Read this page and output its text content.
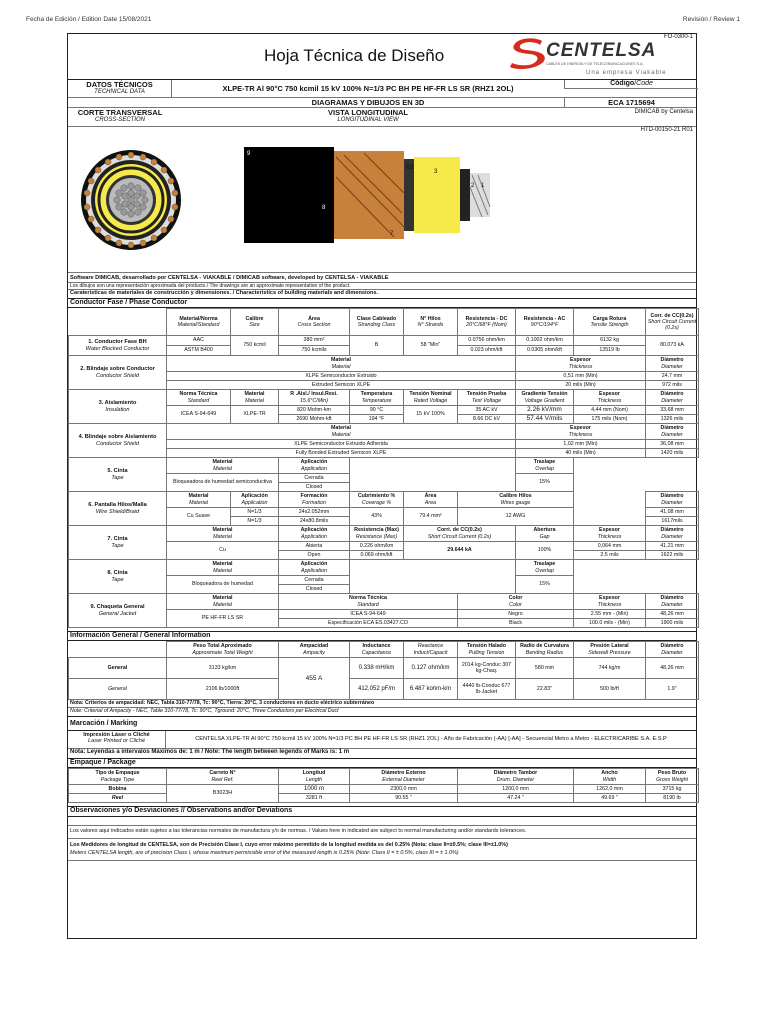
Fecha de Edición / Edition Date 15/08/2021	Revisión / Review 1
Hoja Técnica de Diseño
FO-0300-1
CENTELSA
CABLES DE ENERGÍA Y DE TELECOMUNICACIONES S.A.
Una empresa Viakable
DATOS TÉCNICOS
TECHNICAL DATA	XLPE-TR Al 90°C 750 kcmil 15 kV 100% N=1/3 PC BH PE HF-FR LS SR (RHZ1 2OL)
Código/Code
DIAGRAMAS Y DIBUJOS EN 3D	ECA 1715694
CORTE TRANSVERSAL
CROSS-SECTION
VISTA LONGITUDINAL
LONGITUDINAL VIEW
DIMICAB by Centelsa
HTD-00150-21 R01
9
8
7
6 5
3
2 1
Software DIMICAB, desarrollado por CENTELSA - VIAKABLE / DIMICAB software, developed by CENTELSA - VIAKABLE
Los dibujos son una representación aproximada del producto./ The drawings are an approximate representation of the product.
Caraterísticas de materiales de construcción y dimensiones. / Characteristics of building materials and dimensions.
Conductor Fase / Phase Conductor
	Material/Norma
Material/Standard	Calibre
Size	Área
Cross Section	Clase Cableado
Stranding Class	N° Hilos
N° Strands	Resistencia - DC
20°C/68°F (Nom)	Resistencia - AC
90°C/194°F	Carga Rotura
Tensile Strength	Corr. de CC(0.2s)
Short Circuit Current (0.2s)
1. Conductor Fase BH
Water Blocked Conductor	AAC	750 kcmil	380 mm²	B	58 "Min"	0.0756 ohm/km	0.1002 ohm/km	6132 kg	80.073 kA
	ASTM B400		750 kcmils			0.023 ohm/kft	0.0305 ohm/kft	13519 lb	
2. Blindaje sobre Conductor
Conductor Shield	Material
Material						Espesor
Thickness		Diámetro
Diameter
	XLPE Semiconductor Extruido						0,51 mm (Min)		24,7 mm
	Extruded Semicon XLPE						20 mils (Min)		972 mils
3. Aislamiento
Insulation	Norma Técnica
Standard	Material
Material	R .Aisl./ Insul.Resi.
15.6°C/Min)	Temperatura
Temperature	Tensión Nominal
Rated Voltage	Tensión Prueba
Test Voltage	Gradiente Tensión
Voltage Gradient	Espesor
Thickness	Diámetro
Diameter
	ICEA S-94-649	XLPE-TR	820 Mohm-km	90 °C	15 kV 100%	35 AC kV	2.26 kV/mm	4,44 mm (Nom)	33,68 mm
			2690 Mohm-kft	194 °F		8.66 DC kV	57.44 V/mils	175 mils (Nom)	1326 mils
4. Blindaje sobre Aislamiento
Conductor Shield	Material
Material						Espesor
Thickness		Diámetro
Diameter
	XLPE Semiconductor Extruido Adherida						1,02 mm (Min)		36,08 mm
	Fully Bonded Extruded Semicon XLPE						40 mils (Min)		1420 mils
5. Cinta
Tape	Material
Material		Aplicación
Application				Traslape
Overlap		
	Bloqueadora de humedad semiconductiva		Cerrada				15%		
			Closed						
6. Pantalla Hilos/Malla
Wire Shield/Braid	Material
Material	Aplicación
Application	Formación
Formation	Cubrimiento %
Coverage %	Área
Area	Calibre Hilos
Wires gauge			Diámetro
Diameter
	Cu Suave	N=1/3	24x2.052mm	43%	79.4 mm²	12 AWG			41,08 mm
		N=1/3	24x80.8mils						1617mils
7. Cinta
Tape	Material
Material		Aplicación
Application	Resistencia (Max)
Resistance (Max)	Corri. de CC(0.2s)
Short Circuit Current (0.2s)		Abertura
Gap	Espesor
Thickness	Diámetro
Diameter
	Cu		Abierta	0.226 ohm/km	29.644 kA		100%	0,064 mm	41,21 mm
			Open	0.069 ohm/kft				2.5 mils	1622 mils
8. Cinta
Tape	Material
Material		Aplicación
Application				Traslape
Overlap		
	Bloqueadora de humedad		Cerrada				15%		
			Closed						
9. Chaqueta General
General Jacket	Material
Material		Norma Técnica
Standard			Color
Color		Espesor
Thickness	Diámetro
Diameter
	PE HF-FR LS SR		ICEA S-94-649			Negro		2.55 mm - (Min)	48,26 mm
			Especificación ECA ES.03427.CO			Black		100.0 mils - (Min)	1900 mils
Información General / General Information
	Peso Total Aproximado
Approximate Total Weight	Ampacidad
Ampacity	Inductance
Capacitance	Reactance
Induct/Capacit	Tensión Halado
Pulling Tension	Radio de Curvatura
Bending Radius	Presión Lateral
Sidewall Pressure	Diámetro
Diameter
General	3133 kg/km	455 A	0.338 mH/km	0.127 ohm/km	2014 kg-Conduc 307 kg-Chaq.	580 mm	744 kg/m	48,26 mm
General	2106 lb/1000ft		412.052 pF/m	6.487 kohm-km	4440 lb-Conduc 677 lb-Jacket	22.83"	500 lb/ft	1.9"
Nota: Criterios de ampacidad: NEC, Tabla 310-77/78, Tc: 90°C, Tierra: 20°C, 3 conductores en ducto eléctrico subterráneo
Note: Criterial of Ampacity - NEC, Table 310-77/78, Tc: 90°C, Tground: 20°C, Three Conductors per Electrical Duct
Marcación / Marking
Impresión Láser o Cliché
Laser Printed or Cliché	CENTELSA XLPE-TR Al 90°C 750 kcmil 15 kV 100% N=1/3 PC BH PE HF-FR LS SR (RHZ1 2OL) - Año de Fabricación (-AA) [-AA] - Secuencial Metro a Metro - ELECTRICARIBE S.A. E.S.P
Nota: Leyendas a intervalos Máximos de: 1 m / Note: The length between legends of Marks is: 1 m
Empaque / Package
Tipo de Empaque
Package Type	Carreto N°
Reel Ref.	Longitud
Length	Diámetro Externo
External Diameter	Diámetro Tambor
Drum. Diameter	Ancho
Width	Peso Bruto
Gross Weight
Bobina	B3023H	1000 m	2300,0 mm	1200,0 mm	1262,0 mm	3715 kg
Reel		3281 ft	90.55 "	47.24 "	49.69 "	8190 lb
Observaciones y/o Desviaciones // Observations and/or Deviations
Los valores aquí indicados están sujetos a las tolerancias normales de manufactura y/o de normas. / Values here in indicated are subject to normal manufacturing and/or standards tolerances.
Los Medidores de longitud de CENTELSA, son de Precisión Clase I, cuyo error máximo permitido de la longitud medida es del 0.25% (Nota: clase II=±0.5%; clase III=±1.0%)
Meters CENTELSA length, are of precision Class I, whose maximum permissible error of the measured length is 0.25% (Note: Class II = ± 0.5%, class III = ± 1.0%)
